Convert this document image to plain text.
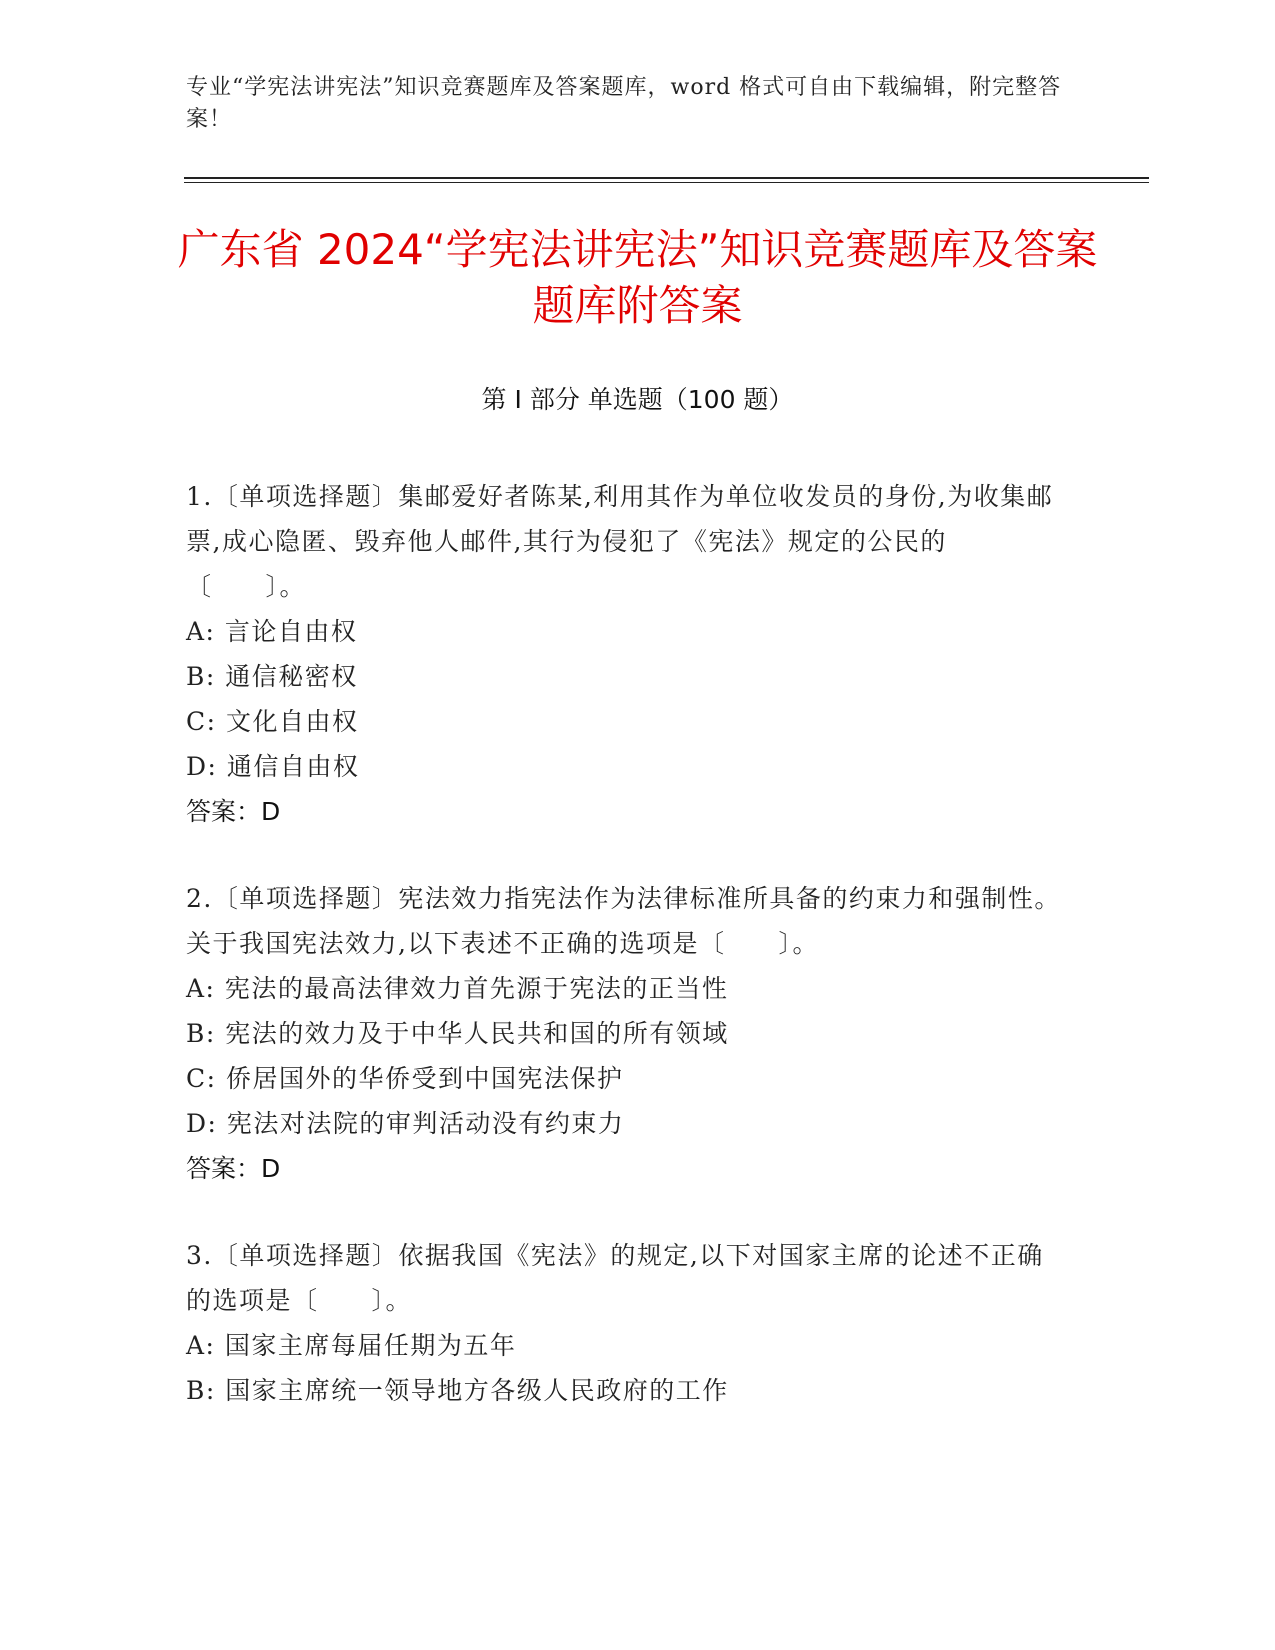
专业“学宪法讲宪法”知识竞赛题库及答案题库，word 格式可自由下载编辑，附完整答案！
广东省 2024“学宪法讲宪法”知识竞赛题库及答案题库附答案
第 I 部分 单选题（100 题）
1.〔单项选择题〕集邮爱好者陈某,利用其作为单位收发员的身份,为收集邮票,成心隐匿、毁弃他人邮件,其行为侵犯了《宪法》规定的公民的〔　　〕。
A: 言论自由权
B: 通信秘密权
C: 文化自由权
D: 通信自由权
答案：D
2.〔单项选择题〕宪法效力指宪法作为法律标准所具备的约束力和强制性。关于我国宪法效力,以下表述不正确的选项是〔　　〕。
A: 宪法的最高法律效力首先源于宪法的正当性
B: 宪法的效力及于中华人民共和国的所有领域
C: 侨居国外的华侨受到中国宪法保护
D: 宪法对法院的审判活动没有约束力
答案：D
3.〔单项选择题〕依据我国《宪法》的规定,以下对国家主席的论述不正确的选项是〔　　〕。
A: 国家主席每届任期为五年
B: 国家主席统一领导地方各级人民政府的工作
